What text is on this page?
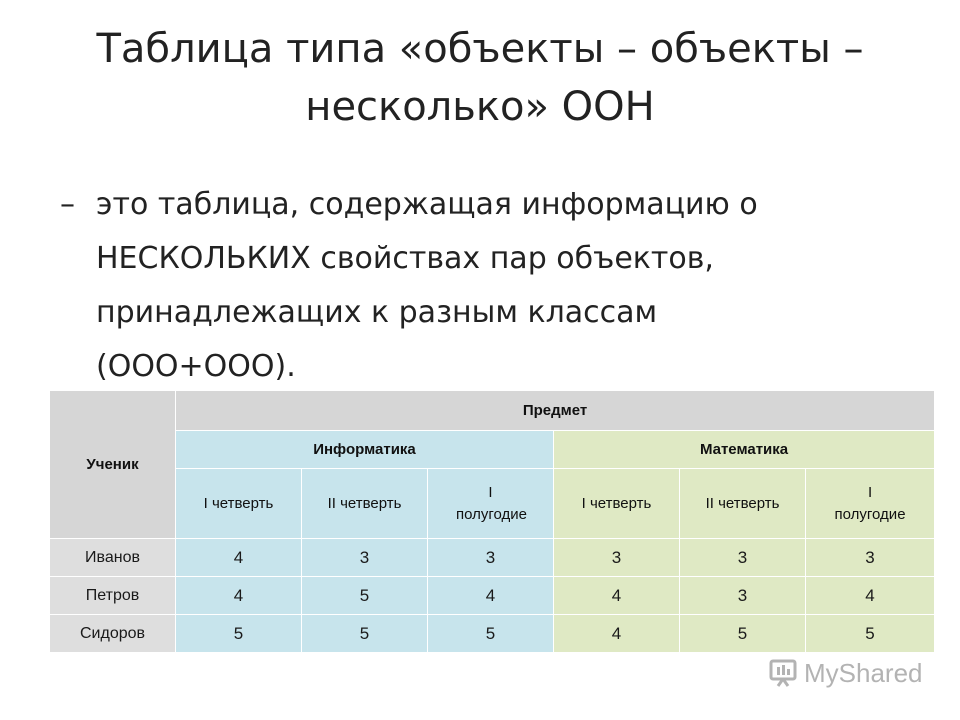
Таблица типа «объекты – объекты –
несколько» ООН
– это таблица, содержащая информацию о
НЕСКОЛЬКИХ свойствах пар объектов,
принадлежащих к разным классам
(ООО+ООО).
Ученик	Предмет					
	Информатика			Математика		
	I четверть	II четверть	I полугодие	I четверть	II четверть	I полугодие
Иванов	4	3	3	3	3	3
Петров	4	5	4	4	3	4
Сидоров	5	5	5	4	5	5
MyShared
